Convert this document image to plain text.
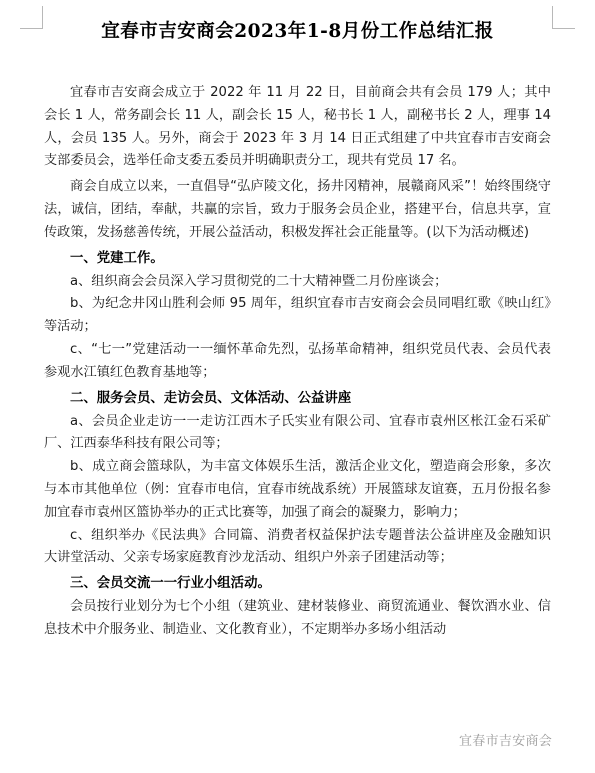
宜春市吉安商会2023年1-8月份工作总结汇报

宜春市吉安商会成立于 2022 年 11 月 22 日，目前商会共有会员 179 人；其中会长 1 人，常务副会长 11 人，副会长 15 人，秘书长 1 人，副秘书长 2 人，理事 14 人，会员 135 人。另外，商会于 2023 年 3 月 14 日正式组建了中共宜春市吉安商会支部委员会，选举任命支委五委员并明确职责分工，现共有党员 17 名。

商会自成立以来，一直倡导“弘庐陵文化，扬井冈精神，展赣商风采”！始终围绕守法，诚信，团结，奉献，共赢的宗旨，致力于服务会员企业，搭建平台，信息共享，宣传政策，发扬慈善传统，开展公益活动，积极发挥社会正能量等。(以下为活动概述)

一、党建工作。

a、组织商会会员深入学习贯彻党的二十大精神暨二月份座谈会；

b、为纪念井冈山胜利会师 95 周年，组织宜春市吉安商会会员同唱红歌《映山红》等活动；

c、“七一”党建活动一一缅怀革命先烈，弘扬革命精神，组织党员代表、会员代表参观水江镇红色教育基地等；

二、服务会员、走访会员、文体活动、公益讲座

a、会员企业走访一一走访江西木子氏实业有限公司、宜春市袁州区枨江金石采矿厂、江西泰华科技有限公司等；

b、成立商会篮球队，为丰富文体娱乐生活，激活企业文化，塑造商会形象，多次与本市其他单位（例：宜春市电信，宜春市统战系统）开展篮球友谊赛，五月份报名参加宜春市袁州区篮协举办的正式比赛等，加强了商会的凝聚力，影响力；

c、组织举办《民法典》合同篇、消费者权益保护法专题普法公益讲座及金融知识大讲堂活动、父亲专场家庭教育沙龙活动、组织户外亲子团建活动等；

三、会员交流一一行业小组活动。

会员按行业划分为七个小组（建筑业、建材装修业、商贸流通业、餐饮酒水业、信息技术中介服务业、制造业、文化教育业），不定期举办多场小组活动

宜春市吉安商会
